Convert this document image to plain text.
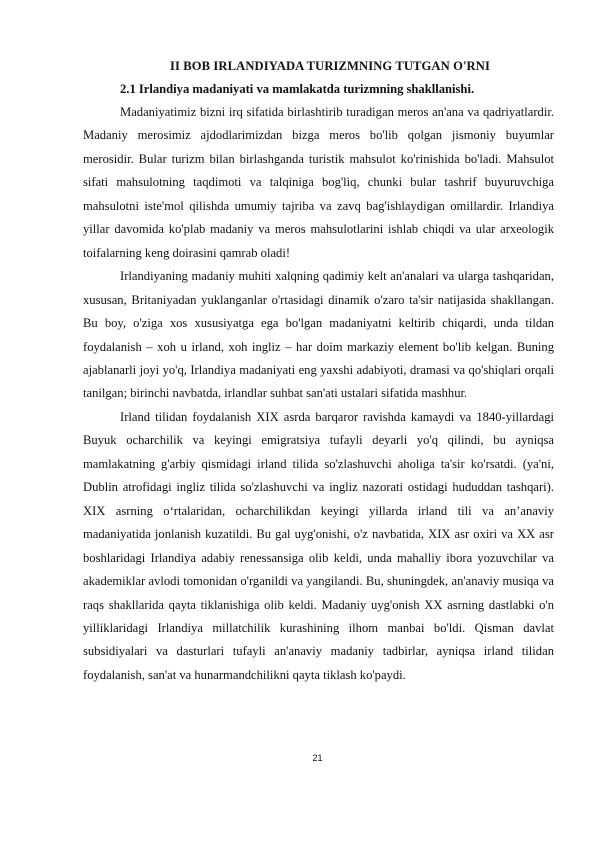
II BOB IRLANDIYADA TURIZMNING TUTGAN O'RNI
2.1 Irlandiya madaniyati va mamlakatda turizmning shakllanishi.

Madaniyatimiz bizni irq sifatida birlashtirib turadigan meros an'ana va qadriyatlardir. Madaniy merosimiz ajdodlarimizdan bizga meros bo'lib qolgan jismoniy buyumlar merosidir. Bular turizm bilan birlashganda turistik mahsulot ko'rinishida bo'ladi. Mahsulot sifati mahsulotning taqdimoti va talqiniga bog'liq, chunki bular tashrif buyuruvchiga mahsulotni iste'mol qilishda umumiy tajriba va zavq bag'ishlaydigan omillardir. Irlandiya yillar davomida ko'plab madaniy va meros mahsulotlarini ishlab chiqdi va ular arxeologik toifalarning keng doirasini qamrab oladi!

Irlandiyaning madaniy muhiti xalqning qadimiy kelt an'analari va ularga tashqaridan, xususan, Britaniyadan yuklanganlar o'rtasidagi dinamik o'zaro ta'sir natijasida shakllangan. Bu boy, o'ziga xos xususiyatga ega bo'lgan madaniyatni keltirib chiqardi, unda tildan foydalanish – xoh u irland, xoh ingliz – har doim markaziy element bo'lib kelgan. Buning ajablanarli joyi yo'q, Irlandiya madaniyati eng yaxshi adabiyoti, dramasi va qo'shiqlari orqali tanilgan; birinchi navbatda, irlandlar suhbat san'ati ustalari sifatida mashhur.

Irland tilidan foydalanish XIX asrda barqaror ravishda kamaydi va 1840-yillardagi Buyuk ocharchilik va keyingi emigratsiya tufayli deyarli yo'q qilindi, bu ayniqsa mamlakatning g'arbiy qismidagi irland tilida so'zlashuvchi aholiga ta'sir ko'rsatdi. (ya'ni, Dublin atrofidagi ingliz tilida so'zlashuvchi va ingliz nazorati ostidagi hududdan tashqari). XIX asrning o‘rtalaridan, ocharchilikdan keyingi yillarda irland tili va an’anaviy madaniyatida jonlanish kuzatildi. Bu gal uyg'onishi, o'z navbatida, XIX asr oxiri va XX asr boshlaridagi Irlandiya adabiy renessansiga olib keldi, unda mahalliy ibora yozuvchilar va akademiklar avlodi tomonidan o'rganildi va yangilandi. Bu, shuningdek, an'anaviy musiqa va raqs shakllarida qayta tiklanishiga olib keldi. Madaniy uyg'onish XX asrning dastlabki o'n yilliklaridagi Irlandiya millatchilik kurashining ilhom manbai bo'ldi. Qisman davlat subsidiyalari va dasturlari tufayli an'anaviy madaniy tadbirlar, ayniqsa irland tilidan foydalanish, san'at va hunarmandchilikni qayta tiklash ko'paydi.

21
